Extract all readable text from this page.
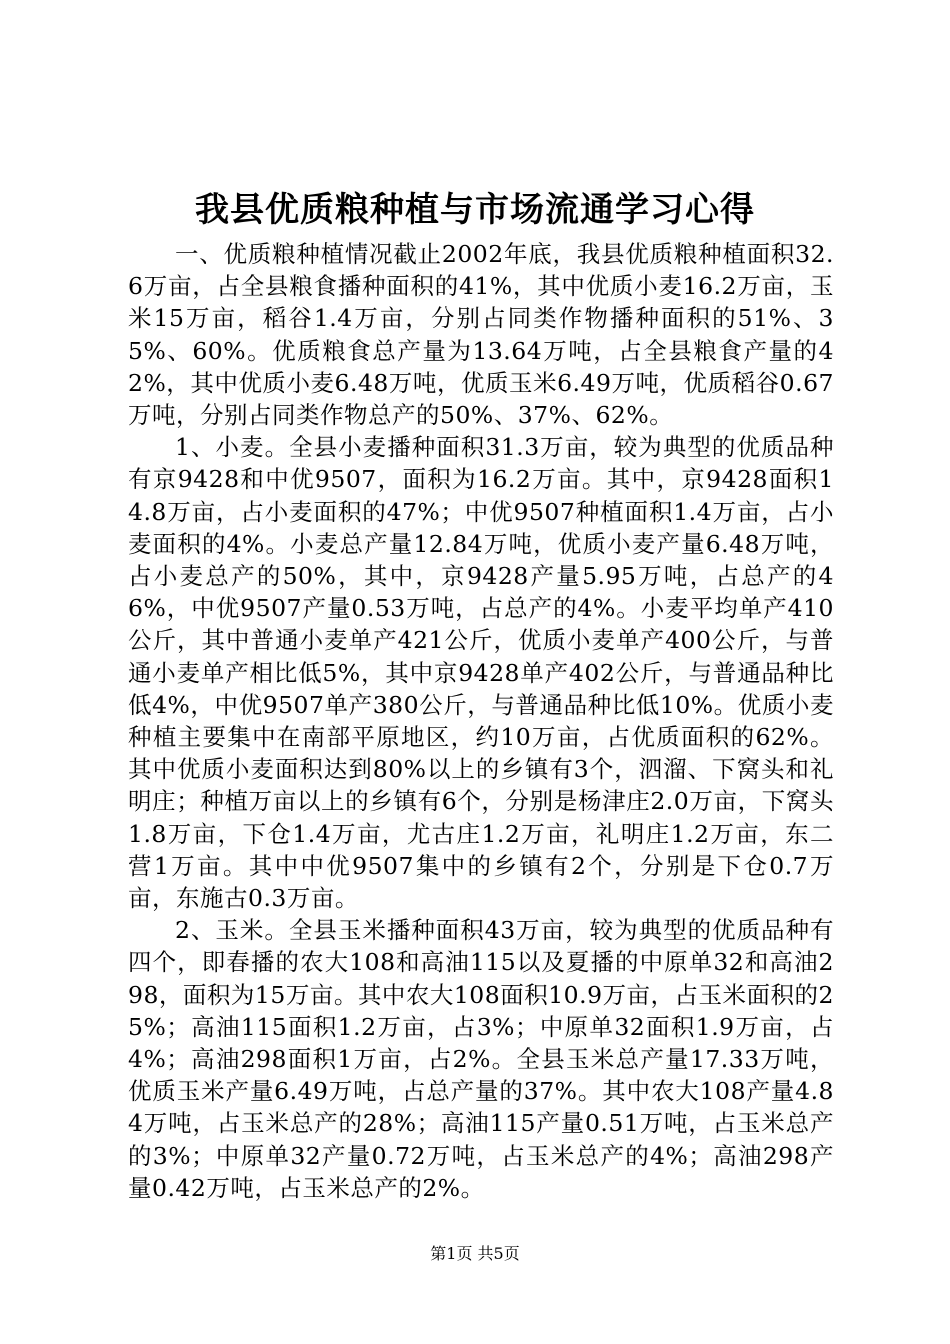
我县优质粮种植与市场流通学习心得

一、优质粮种植情况截止2002年底，我县优质粮种植面积32.6万亩，占全县粮食播种面积的41%，其中优质小麦16.2万亩，玉米15万亩，稻谷1.4万亩，分别占同类作物播种面积的51%、35%、60%。优质粮食总产量为13.64万吨，占全县粮食产量的42%，其中优质小麦6.48万吨，优质玉米6.49万吨，优质稻谷0.67万吨，分别占同类作物总产的50%、37%、62%。

1、小麦。全县小麦播种面积31.3万亩，较为典型的优质品种有京9428和中优9507，面积为16.2万亩。其中，京9428面积14.8万亩，占小麦面积的47%；中优9507种植面积1.4万亩，占小麦面积的4%。小麦总产量12.84万吨，优质小麦产量6.48万吨，占小麦总产的50%，其中，京9428产量5.95万吨，占总产的46%，中优9507产量0.53万吨，占总产的4%。小麦平均单产410公斤，其中普通小麦单产421公斤，优质小麦单产400公斤，与普通小麦单产相比低5%，其中京9428单产402公斤，与普通品种比低4%，中优9507单产380公斤，与普通品种比低10%。优质小麦种植主要集中在南部平原地区，约10万亩，占优质面积的62%。其中优质小麦面积达到80%以上的乡镇有3个，泗溜、下窝头和礼明庄；种植万亩以上的乡镇有6个，分别是杨津庄2.0万亩，下窝头1.8万亩，下仓1.4万亩，尤古庄1.2万亩，礼明庄1.2万亩，东二营1万亩。其中中优9507集中的乡镇有2个，分别是下仓0.7万亩，东施古0.3万亩。

2、玉米。全县玉米播种面积43万亩，较为典型的优质品种有四个，即春播的农大108和高油115以及夏播的中原单32和高油298，面积为15万亩。其中农大108面积10.9万亩，占玉米面积的25%；高油115面积1.2万亩，占3%；中原单32面积1.9万亩，占4%；高油298面积1万亩，占2%。全县玉米总产量17.33万吨，优质玉米产量6.49万吨，占总产量的37%。其中农大108产量4.84万吨，占玉米总产的28%；高油115产量0.51万吨，占玉米总产的3%；中原单32产量0.72万吨，占玉米总产的4%；高油298产量0.42万吨，占玉米总产的2%。

第1页 共5页
